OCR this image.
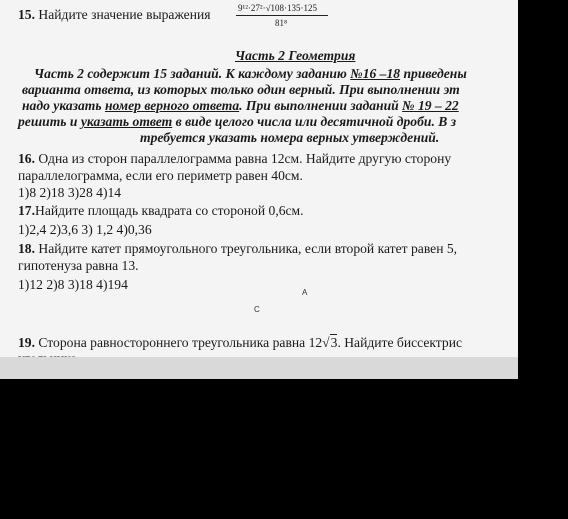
15. Найдите значение выражения	9¹²·27²·√108·135·125
81⁸
Часть 2 Геометрия
Часть 2 содержит 15 заданий. К каждому заданию №16 –18 приведены
варианта ответа, из которых только один верный. При выполнении эт
надо указать номер верного ответа. При выполнении заданий № 19 – 22
решить и указать ответ в виде целого числа или десятичной дроби. В з
требуется указать номера верных утверждений.
16. Одна из сторон параллелограмма равна 12см. Найдите другую сторону
параллелограмма, если его периметр равен 40см.
1)8 2)18 3)28 4)14
17.Найдите площадь квадрата со стороной 0,6см.
1)2,4 2)3,6 3) 1,2 4)0,36
18. Найдите катет прямоугольного треугольника, если второй катет равен 5,
гипотенуза равна 13.
1)12 2)8 3)18 4)194
A
C
19. Сторона равностороннего треугольника равна 12√3. Найдите биссектрис
